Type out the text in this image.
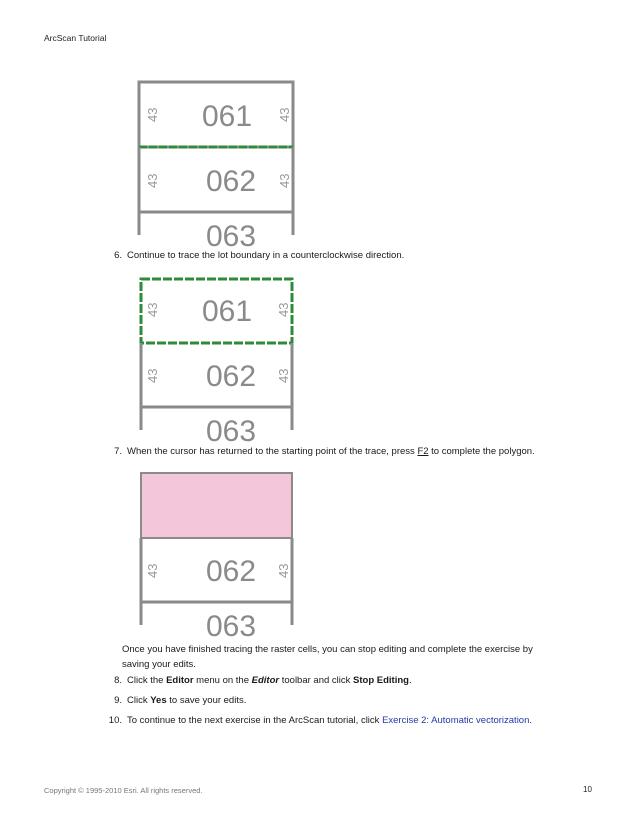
ArcScan Tutorial
061
062
063
43	43
43	43
6. Continue to trace the lot boundary in a counterclockwise direction.
061
062
063
43	43
43	43
7. When the cursor has returned to the starting point of the trace, press F2 to complete the polygon.
062
063
43	43
Once you have finished tracing the raster cells, you can stop editing and complete the exercise by
saving your edits.
8. Click the Editor menu on the Editor toolbar and click Stop Editing.
9. Click Yes to save your edits.
10. To continue to the next exercise in the ArcScan tutorial, click Exercise 2: Automatic vectorization.
Copyright © 1995-2010 Esri. All rights reserved.	10
